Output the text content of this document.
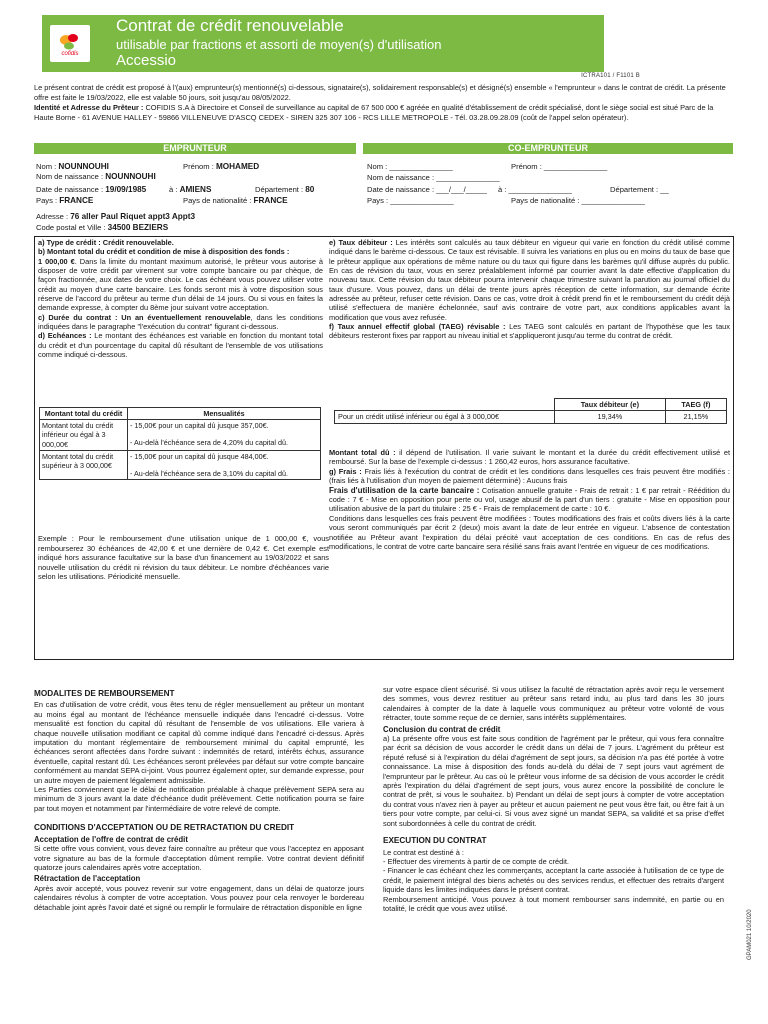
cofidis
Contrat de crédit renouvelable
utilisable par fractions et assorti de moyen(s) d'utilisation
Accessio
ICTRA101 / F1101 B
Le présent contrat de crédit est proposé à l'(aux) emprunteur(s) mentionné(s) ci-dessous, signataire(s), solidairement responsable(s) et désigné(s) ensemble « l'emprunteur » dans le contrat de crédit. La présente offre est faite le 19/03/2022, elle est valable 50 jours, soit jusqu'au 08/05/2022.
Identité et Adresse du Prêteur : COFIDIS S.A à Directoire et Conseil de surveillance au capital de 67 500 000 € agréée en qualité d'établissement de crédit spécialisé, dont le siège social est situé Parc de la Haute Borne - 61 AVENUE HALLEY - 59866 VILLENEUVE D'ASCQ CEDEX - SIREN 325 307 106 - RCS LILLE METROPOLE - Tél. 03.28.09.28.09 (coût de l'appel selon opérateur).
EMPRUNTEUR	CO-EMPRUNTEUR
Nom : NOUNNOUHI	Prénom : MOHAMED
Nom de naissance : NOUNNOUHI
Date de naissance : 19/09/1985	à : AMIENS	Département : 80
Pays : FRANCE	Pays de nationalité : FRANCE
Adresse : 76 aller Paul Riquet appt3 Appt3
Code postal et Ville : 34500 BEZIERS
Nom : _______________	Prénom : _______________
Nom de naissance : _______________
Date de naissance : ___/___/_____ à : _______________	Département : __
Pays : _______________	Pays de nationalité : _______________
a) Type de crédit : Crédit renouvelable.
b) Montant total du crédit et condition de mise à disposition des fonds :
1 000,00 €. Dans la limite du montant maximum autorisé, le prêteur vous autorise à disposer de votre crédit par virement sur votre compte bancaire ou par chèque, de façon fractionnée, aux dates de votre choix. Le cas échéant vous pouvez utiliser votre crédit au moyen d'une carte bancaire. Les fonds seront mis à votre disposition sous réserve de l'accord du prêteur au terme d'un délai de 14 jours. Ou si vous en faites la demande expresse, à compter du 8ème jour suivant votre acceptation.
c) Durée du contrat : Un an éventuellement renouvelable, dans les conditions indiquées dans le paragraphe "l'exécution du contrat" figurant ci-dessous.
d) Echéances : Le montant des échéances est variable en fonction du montant total du crédit et d'un pourcentage du capital dû résultant de l'ensemble de vos utilisations comme indiqué ci-dessous.
Montant total du crédit	Mensualités
Montant total du crédit inférieur ou égal à 3 000,00€	- 15,00€ pour un capital dû jusque 357,00€.
- Au-delà l'échéance sera de 4,20% du capital dû.

Montant total du crédit supérieur à 3 000,00€	- 15,00€ pour un capital dû jusque 484,00€.
- Au-delà l'échéance sera de 3,10% du capital dû.
Exemple : Pour le remboursement d'une utilisation unique de 1 000,00 €, vous rembourserez 30 échéances de 42,00 € et une dernière de 0,42 €. Cet exemple est indiqué hors assurance facultative sur la base d'un financement au 19/03/2022 et sans nouvelle utilisation du crédit ni révision du taux débiteur. Le nombre d'échéances varie selon les utilisations. Périodicité mensuelle.
e) Taux débiteur : Les intérêts sont calculés au taux débiteur en vigueur qui varie en fonction du crédit utilisé comme indiqué dans le barème ci-dessous. Ce taux est révisable. Il suivra les variations en plus ou en moins du taux de base que le prêteur applique aux opérations de même nature ou du taux qui figure dans les barèmes qu'il diffuse auprès du public. En cas de révision du taux, vous en serez préalablement informé par courrier avant la date effective d'application du nouveau taux. Cette révision du taux débiteur pourra intervenir chaque trimestre suivant la parution au journal officiel du taux d'usure. Vous pouvez, dans un délai de trente jours après réception de cette information, sur demande écrite adressée au prêteur, refuser cette révision. Dans ce cas, votre droit à crédit prend fin et le remboursement du crédit déjà utilisé s'effectuera de manière échelonnée, sauf avis contraire de votre part, aux conditions applicables avant la modification que vous avez refusée.
f) Taux annuel effectif global (TAEG) révisable : Les TAEG sont calculés en partant de l'hypothèse que les taux débiteurs resteront fixes par rapport au niveau initial et s'appliqueront jusqu'au terme du contrat de crédit.
	Taux débiteur (e)	TAEG (f)
Pour un crédit utilisé inférieur ou égal à 3 000,00€	19,34%	21,15%
Montant total dû : il dépend de l'utilisation. Il varie suivant le montant et la durée du crédit effectivement utilisé et remboursé. Sur la base de l'exemple ci-dessus : 1 260,42 euros, hors assurance facultative.
g) Frais : Frais liés à l'exécution du contrat de crédit et les conditions dans lesquelles ces frais peuvent être modifiés : (frais liés à l'utilisation d'un moyen de paiement déterminé) : Aucuns frais
Frais d'utilisation de la carte bancaire : Cotisation annuelle gratuite - Frais de retrait : 1 € par retrait - Réédition du code : 7 € - Mise en opposition pour perte ou vol, usage abusif de la part d'un tiers : gratuite - Mise en opposition pour utilisation abusive de la part du titulaire : 25 € - Frais de remplacement de carte : 10 €.
Conditions dans lesquelles ces frais peuvent être modifiées : Toutes modifications des frais et coûts divers liés à la carte vous seront communiqués par écrit 2 (deux) mois avant la date de leur entrée en vigueur. L'absence de contestation notifiée au Prêteur avant l'expiration du délai précité vaut acceptation de ces conditions. En cas de refus des modifications, le contrat de votre carte bancaire sera résilié sans frais avant l'entrée en vigueur de ces modifications.
MODALITES DE REMBOURSEMENT
En cas d'utilisation de votre crédit, vous êtes tenu de régler mensuellement au prêteur un montant au moins égal au montant de l'échéance mensuelle indiquée dans l'encadré ci-dessus. Votre mensualité est fonction du capital dû résultant de l'ensemble de vos utilisations. Elle variera à chaque nouvelle utilisation modifiant ce capital dû comme indiqué dans l'encadré ci-dessus. Après imputation du montant réglementaire de remboursement minimal du capital emprunté, les échéances seront affectées dans l'ordre suivant : indemnités de retard, intérêts échus, assurance éventuelle, capital restant dû. Les échéances seront prélevées par défaut sur votre compte bancaire conformément au mandat SEPA ci-joint. Vous pourrez également opter, sur demande expresse, pour un autre moyen de paiement légalement admissible.
Les Parties conviennent que le délai de notification préalable à chaque prélèvement SEPA sera au minimum de 3 jours avant la date d'échéance dudit prélèvement. Cette notification pourra se faire par tout moyen et notamment par l'intermédiaire de votre relevé de compte.
CONDITIONS D'ACCEPTATION OU DE RETRACTATION DU CREDIT
Acceptation de l'offre de contrat de crédit
Si cette offre vous convient, vous devez faire connaître au prêteur que vous l'acceptez en apposant votre signature au bas de la formule d'acceptation dûment remplie. Votre contrat devient définitif quatorze jours calendaires après votre acceptation.
Rétractation de l'acceptation
Après avoir accepté, vous pouvez revenir sur votre engagement, dans un délai de quatorze jours calendaires révolus à compter de votre acceptation. Vous pouvez pour cela renvoyer le bordereau détachable joint après l'avoir daté et signé ou remplir le formulaire de rétractation disponible en ligne
sur votre espace client sécurisé. Si vous utilisez la faculté de rétractation après avoir reçu le versement des sommes, vous devrez restituer au prêteur sans retard indu, au plus tard dans les 30 jours calendaires à compter de la date à laquelle vous communiquez au prêteur votre volonté de vous rétracter, toute somme reçue de ce dernier, sans intérêts supplémentaires.
Conclusion du contrat de crédit
a) La présente offre vous est faite sous condition de l'agrément par le prêteur, qui vous fera connaître par écrit sa décision de vous accorder le crédit dans un délai de 7 jours. L'agrément du prêteur est réputé refusé si à l'expiration du délai d'agrément de sept jours, sa décision n'a pas été portée à votre connaissance. La mise à disposition des fonds au-delà du délai de 7 sept jours vaut agrément de l'emprunteur par le prêteur. Au cas où le prêteur vous informe de sa décision de vous accorder le crédit après l'expiration du délai d'agrément de sept jours, vous aurez encore la possibilité de conclure le contrat de prêt, si vous le souhaitez. b) Pendant un délai de sept jours à compter de votre acceptation du contrat vous n'avez rien à payer au prêteur et aucun paiement ne peut vous être fait, ou être fait à un tiers pour votre compte, par celui-ci. Si vous avez signé un mandat SEPA, sa validité et sa prise d'effet sont subordonnées à celle du contrat de crédit.
EXECUTION DU CONTRAT
Le contrat est destiné à :
- Effectuer des virements à partir de ce compte de crédit.
- Financer le cas échéant chez les commerçants, acceptant la carte associée à l'utilisation de ce type de crédit, le paiement intégral des biens achetés ou des services rendus, et effectuer des retraits d'argent liquide dans les limites indiquées dans le présent contrat.
Remboursement anticipé. Vous pouvez à tout moment rembourser sans indemnité, en partie ou en totalité, le crédit que vous avez utilisé.
GPAM021 10/2020
